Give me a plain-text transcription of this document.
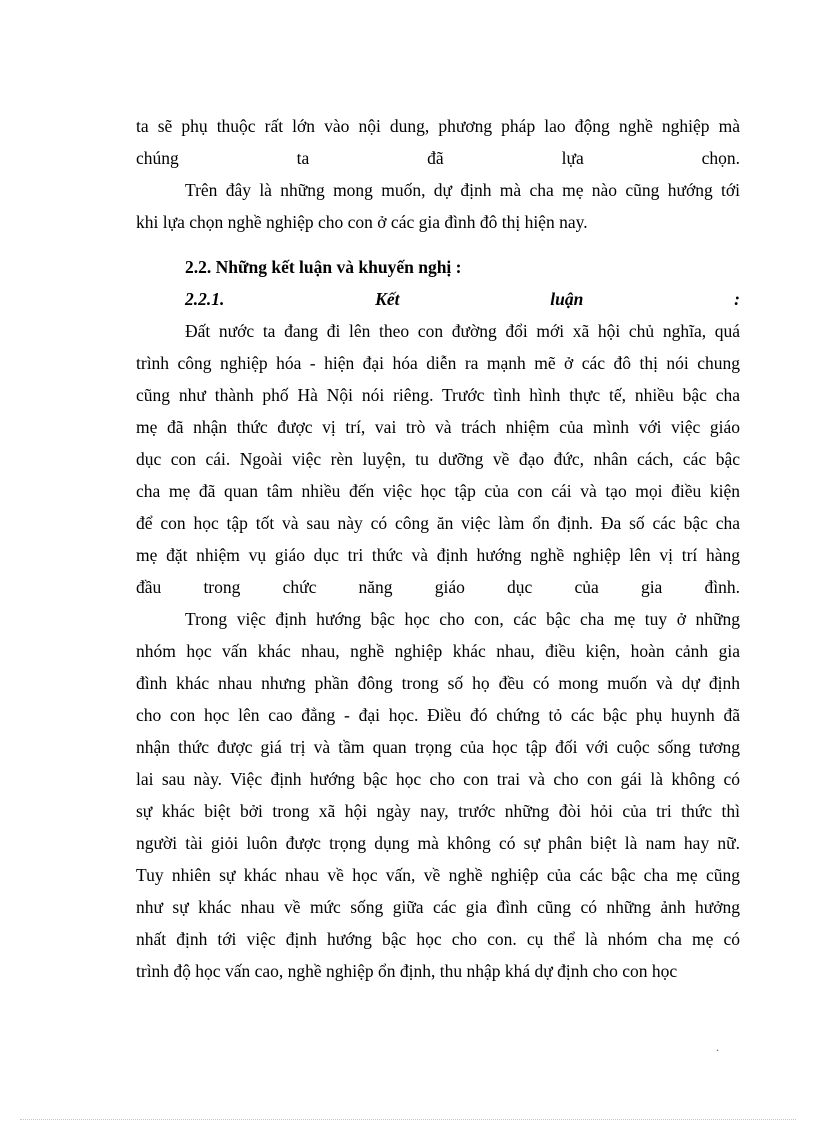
ta sẽ phụ thuộc rất lớn vào nội dung, phương pháp lao động nghề nghiệp mà
chúng ta đã lựa chọn.
Trên đây là những mong muốn, dự định mà cha mẹ nào cũng hướng tới
khi lựa chọn nghề nghiệp cho con ở các gia đình đô thị hiện nay.
2.2. Những kết luận và khuyến nghị :
2.2.1. Kết luận :
Đất nước ta đang đi lên theo con đường đổi mới xã hội chủ nghĩa, quá
trình công nghiệp hóa - hiện đại hóa diễn ra mạnh mẽ ở các đô thị nói chung
cũng như thành phố Hà Nội nói riêng. Trước tình hình thực tế, nhiều bậc cha
mẹ đã nhận thức được vị trí, vai trò và trách nhiệm của mình với việc giáo
dục con cái. Ngoài việc rèn luyện, tu dưỡng về đạo đức, nhân cách, các bậc
cha mẹ đã quan tâm nhiều đến việc học tập của con cái và tạo mọi điều kiện
để con học tập tốt và sau này có công ăn việc làm ổn định. Đa số các bậc cha
mẹ đặt nhiệm vụ giáo dục tri thức và định hướng nghề nghiệp lên vị trí hàng
đầu trong chức năng giáo dục của gia đình.
Trong việc định hướng bậc học cho con, các bậc cha mẹ tuy ở những
nhóm học vấn khác nhau, nghề nghiệp khác nhau, điều kiện, hoàn cảnh gia
đình khác nhau nhưng phần đông trong số họ đều có mong muốn và dự định
cho con học lên cao đẳng - đại học. Điều đó chứng tỏ các bậc phụ huynh đã
nhận thức được giá trị và tầm quan trọng của học tập đối với cuộc sống tương
lai sau này. Việc định hướng bậc học cho con trai và cho con gái là không có
sự khác biệt bởi trong xã hội ngày nay, trước những đòi hỏi của tri thức thì
người tài giỏi luôn được trọng dụng mà không có sự phân biệt là nam hay nữ.
Tuy nhiên sự khác nhau về học vấn, về nghề nghiệp của các bậc cha mẹ cũng
như sự khác nhau về mức sống giữa các gia đình cũng có những ảnh hưởng
nhất định tới việc định hướng bậc học cho con. cụ thể là nhóm cha mẹ có
trình độ học vấn cao, nghề nghiệp ổn định, thu nhập khá dự định cho con học
.
